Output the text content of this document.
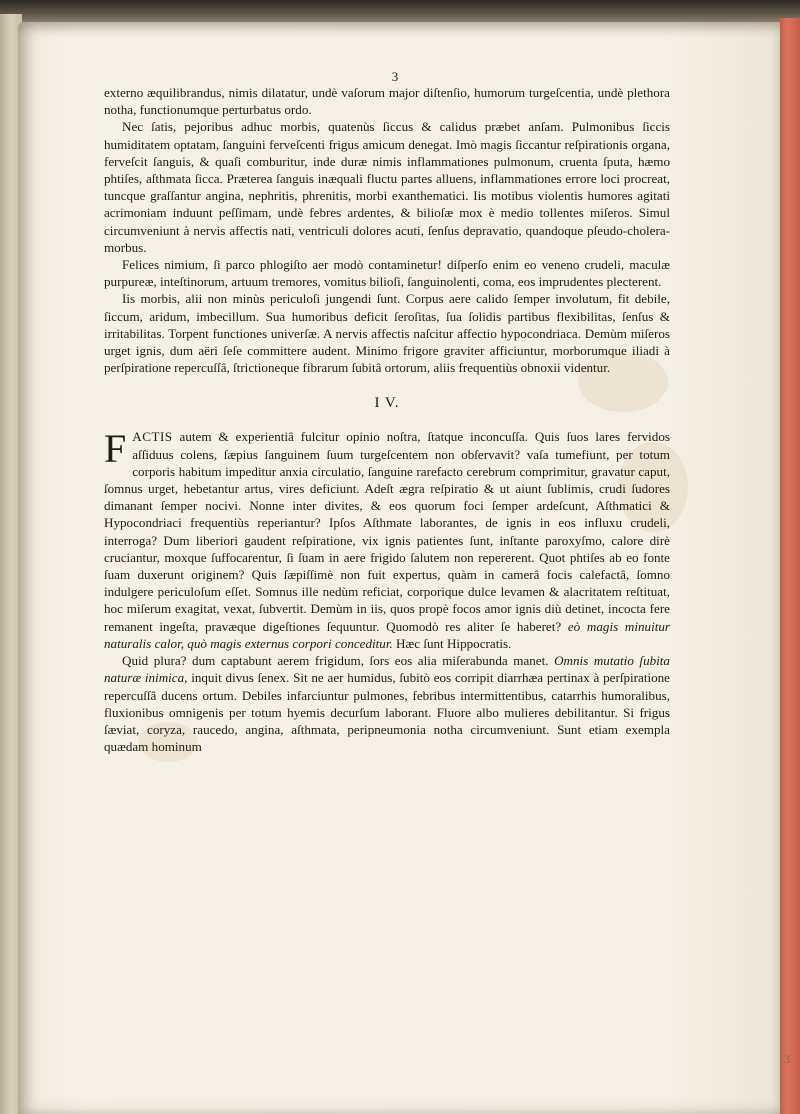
3

externo æquilibrandus, nimis dilatatur, undè vaſorum major diſtenſio, humorum turgeſcentia, undè plethora notha, functionumque perturbatus ordo.

Nec ſatis, pejoribus adhuc morbis, quatenùs ſiccus & calidus præbet anſam. Pulmonibus ſiccis humiditatem optatam, ſanguini ferveſcenti frigus amicum denegat. Imò magis ſiccantur reſpirationis organa, ferveſcit ſanguis, & quaſi comburitur, inde duræ nimis inflammationes pulmonum, cruenta ſputa, hæmo phtiſes, aſthmata ſicca. Præterea ſanguis inæquali fluctu partes alluens, inflammationes errore loci procreat, tuncque graſſantur angina, nephritis, phrenitis, morbi exanthematici. Iis motibus violentis humores agitati acrimoniam induunt peſſimam, undè febres ardentes, & bilioſæ mox è medio tollentes miſeros. Simul circumveniunt à nervis affectis nati, ventriculi dolores acuti, ſenſus depravatio, quandoque pſeudo-cholera-morbus.

Felices nimium, ſi parco phlogiſto aer modò contaminetur! diſperſo enim eo veneno crudeli, maculæ purpureæ, inteſtinorum, artuum tremores, vomitus bilioſi, ſanguinolenti, coma, eos imprudentes plecterent.

Iis morbis, alii non minùs periculoſi jungendi ſunt. Corpus aere calido ſemper involutum, fit debile, ſiccum, aridum, imbecillum. Sua humoribus deficit ſeroſitas, ſua ſolidis partibus flexibilitas, ſenſus & irritabilitas. Torpent functiones univerſæ. A nervis affectis naſcitur affectio hypocondriaca. Demùm miſeros urget ignis, dum aëri ſeſe committere audent. Minimo frigore graviter afficiuntur, morborumque iliadi à perſpiratione repercuſſâ, ſtrictioneque fibrarum ſubitâ ortorum, aliis frequentiùs obnoxii videntur.

I V.

FACTIS autem & experientiâ fulcitur opinio noſtra, ſtatque inconcuſſa. Quis ſuos lares fervidos aſſiduus colens, ſæpius ſanguinem ſuum turgeſcentem non obſervavit? vaſa tumefiunt, per totum corporis habitum impeditur anxia circulatio, ſanguine rarefacto cerebrum comprimitur, gravatur caput, ſomnus urget, hebetantur artus, vires deficiunt. Adeſt ægra reſpiratio & ut aiunt ſublimis, crudi ſudores dimanant ſemper nocivi. Nonne inter divites, & eos quorum foci ſemper ardeſcunt, Aſthmatici & Hypocondriaci frequentiùs reperiantur? Ipſos Aſthmate laborantes, de ignis in eos influxu crudeli, interroga? Dum liberiori gaudent reſpiratione, vix ignis patientes ſunt, inſtante paroxyſmo, calore dirè cruciantur, moxque ſuffocarentur, ſi ſuam in aere frigido ſalutem non repererent. Quot phtiſes ab eo fonte ſuam duxerunt originem? Quis ſæpiſſimè non fuit expertus, quàm in camerâ focis calefactâ, ſomno indulgere periculoſum eſſet. Somnus ille nedùm reficiat, corporique dulce levamen & alacritatem reſtituat, hoc miſerum exagitat, vexat, ſubvertit. Demùm in iis, quos propè focos amor ignis diù detinet, incocta fere remanent ingeſta, pravæque digeſtiones ſequuntur. Quomodò res aliter ſe haberet? eò magis minuitur naturalis calor, quò magis externus corpori conceditur. Hæc ſunt Hippocratis.

Quid plura? dum captabunt aerem frigidum, ſors eos alia miſerabunda manet. Omnis mutatio ſubita naturæ inimica, inquit divus ſenex. Sit ne aer humidus, ſubitò eos corripit diarrhæa pertinax à perſpiratione repercuſſâ ducens ortum. Debiles infarciuntur pulmones, febribus intermittentibus, catarrhis humoralibus, fluxionibus omnigenis per totum hyemis decurſum laborant. Fluore albo mulieres debilitantur. Si frigus ſæviat, coryza, raucedo, angina, aſthmata, peripneumonia notha circumveniunt. Sunt etiam exempla quædam hominum

3
